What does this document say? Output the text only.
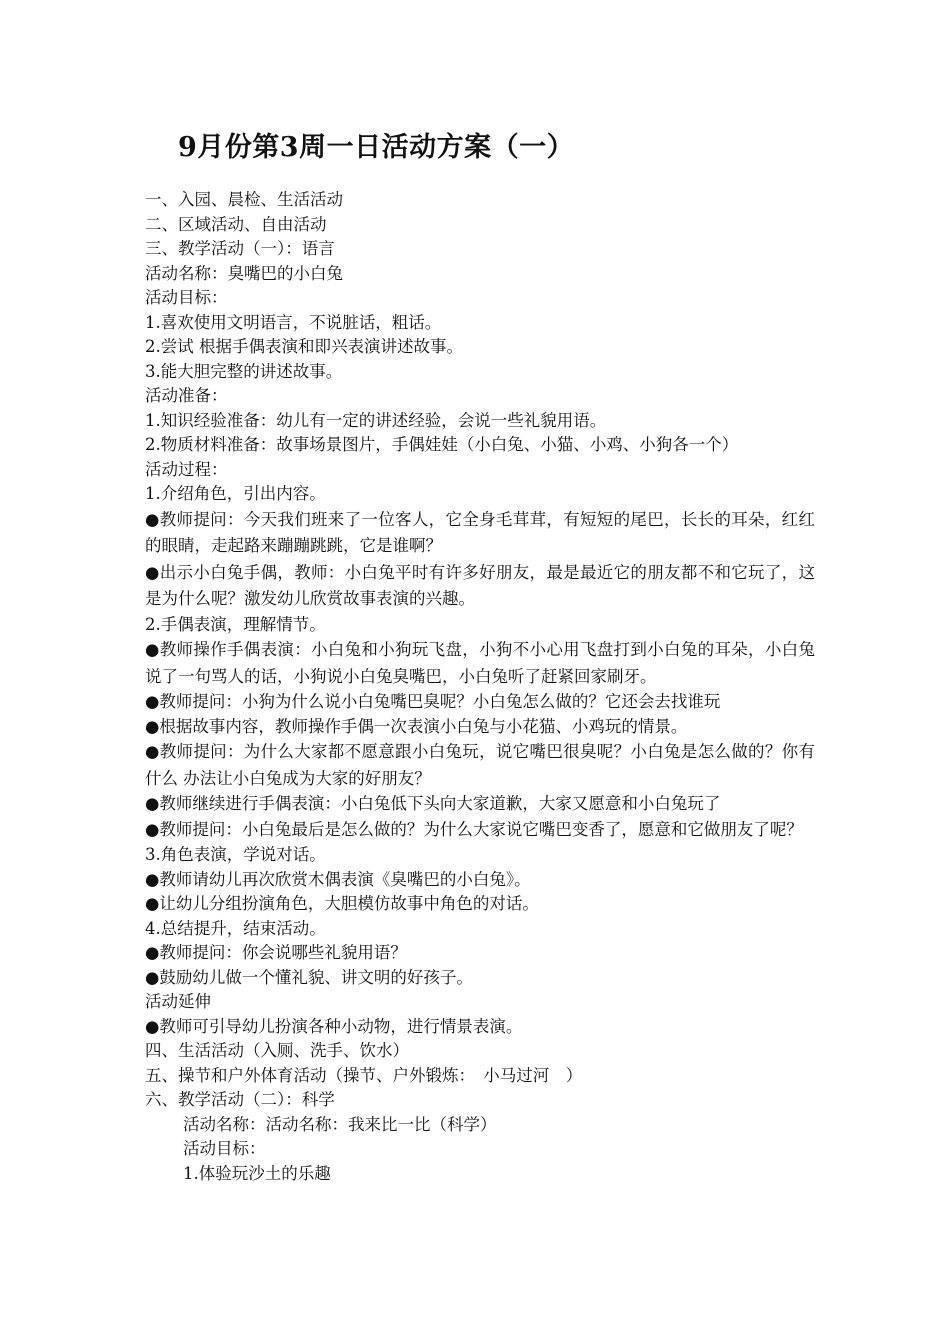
9月份第3周一日活动方案（一）

一、入园、晨检、生活活动

二、区域活动、自由活动

三、教学活动（一）：语言

活动名称：臭嘴巴的小白兔

活动目标：

1.喜欢使用文明语言，不说脏话，粗话。

2.尝试 根据手偶表演和即兴表演讲述故事。

3.能大胆完整的讲述故事。

活动准备：

1.知识经验准备：幼儿有一定的讲述经验，会说一些礼貌用语。

2.物质材料准备：故事场景图片，手偶娃娃（小白兔、小猫、小鸡、小狗各一个）

活动过程：

1.介绍角色，引出内容。

●教师提问：今天我们班来了一位客人，它全身毛茸茸，有短短的尾巴，长长的耳朵，红红的眼睛，走起路来蹦蹦跳跳，它是谁啊？

●出示小白兔手偶，教师：小白兔平时有许多好朋友，最是最近它的朋友都不和它玩了，这是为什么呢？激发幼儿欣赏故事表演的兴趣。

2.手偶表演，理解情节。

●教师操作手偶表演：小白兔和小狗玩飞盘，小狗不小心用飞盘打到小白兔的耳朵，小白兔说了一句骂人的话，小狗说小白兔臭嘴巴，小白兔听了赶紧回家刷牙。

●教师提问：小狗为什么说小白兔嘴巴臭呢？小白兔怎么做的？它还会去找谁玩

●根据故事内容，教师操作手偶一次表演小白兔与小花猫、小鸡玩的情景。

●教师提问：为什么大家都不愿意跟小白兔玩，说它嘴巴很臭呢？小白兔是怎么做的？你有什么 办法让小白兔成为大家的好朋友？

●教师继续进行手偶表演：小白兔低下头向大家道歉，大家又愿意和小白兔玩了

●教师提问：小白兔最后是怎么做的？为什么大家说它嘴巴变香了，愿意和它做朋友了呢？

3.角色表演，学说对话。

●教师请幼儿再次欣赏木偶表演《臭嘴巴的小白兔》。

●让幼儿分组扮演角色，大胆模仿故事中角色的对话。

4.总结提升，结束活动。

●教师提问：你会说哪些礼貌用语？

●鼓励幼儿做一个懂礼貌、讲文明的好孩子。

活动延伸

●教师可引导幼儿扮演各种小动物，进行情景表演。

四、生活活动（入厕、洗手、饮水）

五、操节和户外体育活动（操节、户外锻炼：　小马过河　）

六、教学活动（二）：科学

活动名称：活动名称：我来比一比（科学）

活动目标：

1.体验玩沙土的乐趣
